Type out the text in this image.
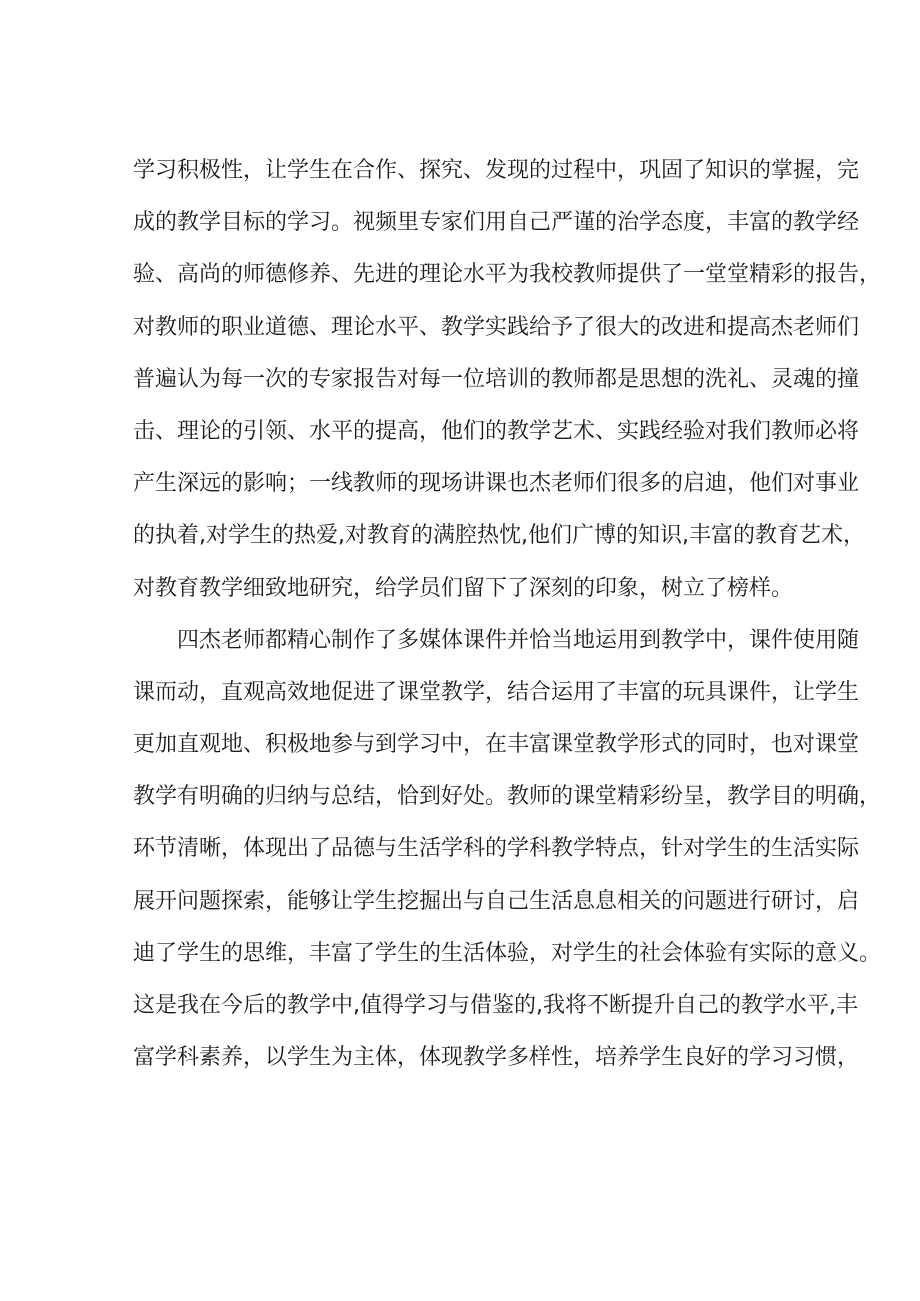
学习积极性，让学生在合作、探究、发现的过程中，巩固了知识的掌握，完
成的教学目标的学习。视频里专家们用自己严谨的治学态度，丰富的教学经
验、高尚的师德修养、先进的理论水平为我校教师提供了一堂堂精彩的报告，
对教师的职业道德、理论水平、教学实践给予了很大的改进和提高杰老师们
普遍认为每一次的专家报告对每一位培训的教师都是思想的洗礼、灵魂的撞
击、理论的引领、水平的提高，他们的教学艺术、实践经验对我们教师必将
产生深远的影响；一线教师的现场讲课也杰老师们很多的启迪，他们对事业
的执着,对学生的热爱,对教育的满腔热忱,他们广博的知识,丰富的教育艺术，
对教育教学细致地研究，给学员们留下了深刻的印象，树立了榜样。
四杰老师都精心制作了多媒体课件并恰当地运用到教学中，课件使用随
课而动，直观高效地促进了课堂教学，结合运用了丰富的玩具课件，让学生
更加直观地、积极地参与到学习中，在丰富课堂教学形式的同时，也对课堂
教学有明确的归纳与总结，恰到好处。教师的课堂精彩纷呈，教学目的明确，
环节清晰，体现出了品德与生活学科的学科教学特点，针对学生的生活实际
展开问题探索，能够让学生挖掘出与自己生活息息相关的问题进行研讨，启
迪了学生的思维，丰富了学生的生活体验，对学生的社会体验有实际的意义。
这是我在今后的教学中,值得学习与借鉴的,我将不断提升自己的教学水平,丰
富学科素养，以学生为主体，体现教学多样性，培养学生良好的学习习惯，
